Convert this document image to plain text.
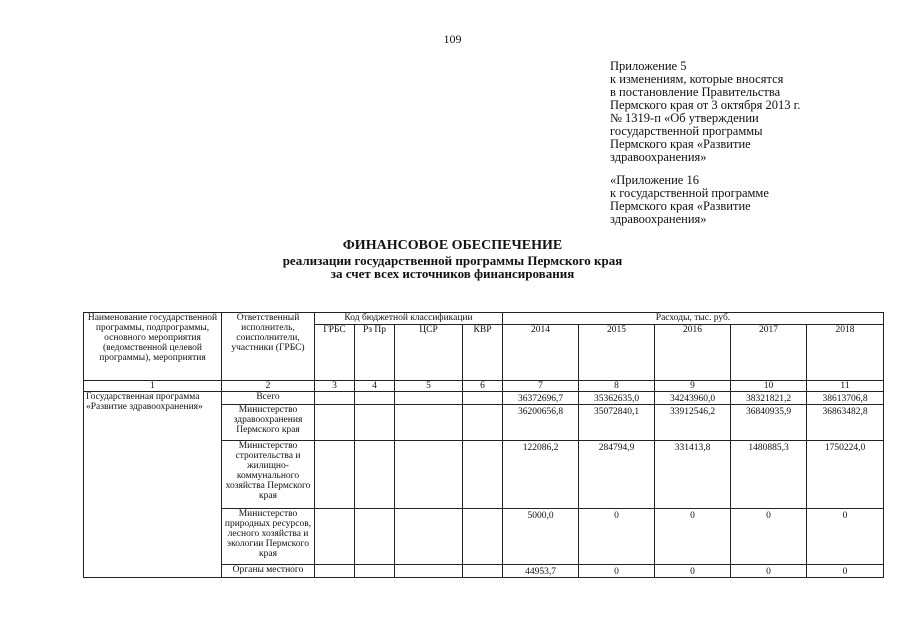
109
Приложение 5
к изменениям, которые вносятся
в постановление Правительства
Пермского края от 3 октября 2013 г.
№ 1319-п «Об утверждении
государственной программы
Пермского края «Развитие
здравоохранения»
«Приложение 16
к государственной программе
Пермского края «Развитие
здравоохранения»
ФИНАНСОВОЕ ОБЕСПЕЧЕНИЕ
реализации государственной программы Пермского края
за счет всех источников финансирования
Наименование государственной программы, подпрограммы, основного мероприятия (ведомственной целевой программы), мероприятия	Ответственный исполнитель, соисполнители, участники (ГРБС)	Код бюджетной классификации				Расходы, тыс. руб.				
		ГРБС	Рз Пр	ЦСР	КВР	2014	2015	2016	2017	2018
1	2	3	4	5	6	7	8	9	10	11
Государственная программа «Развитие здравоохранения»	Всего					36372696,7	35362635,0	34243960,0	38321821,2	38613706,8
	Министерство здравоохранения Пермского края					36200656,8	35072840,1	33912546,2	36840935,9	36863482,8
	Министерство строительства и жилищно-коммунального хозяйства Пермского края					122086,2	284794,9	331413,8	1480885,3	1750224,0
	Министерство природных ресурсов, лесного хозяйства и экологии Пермского края					5000,0	0	0	0	0
	Органы местного					44953,7	0	0	0	0
